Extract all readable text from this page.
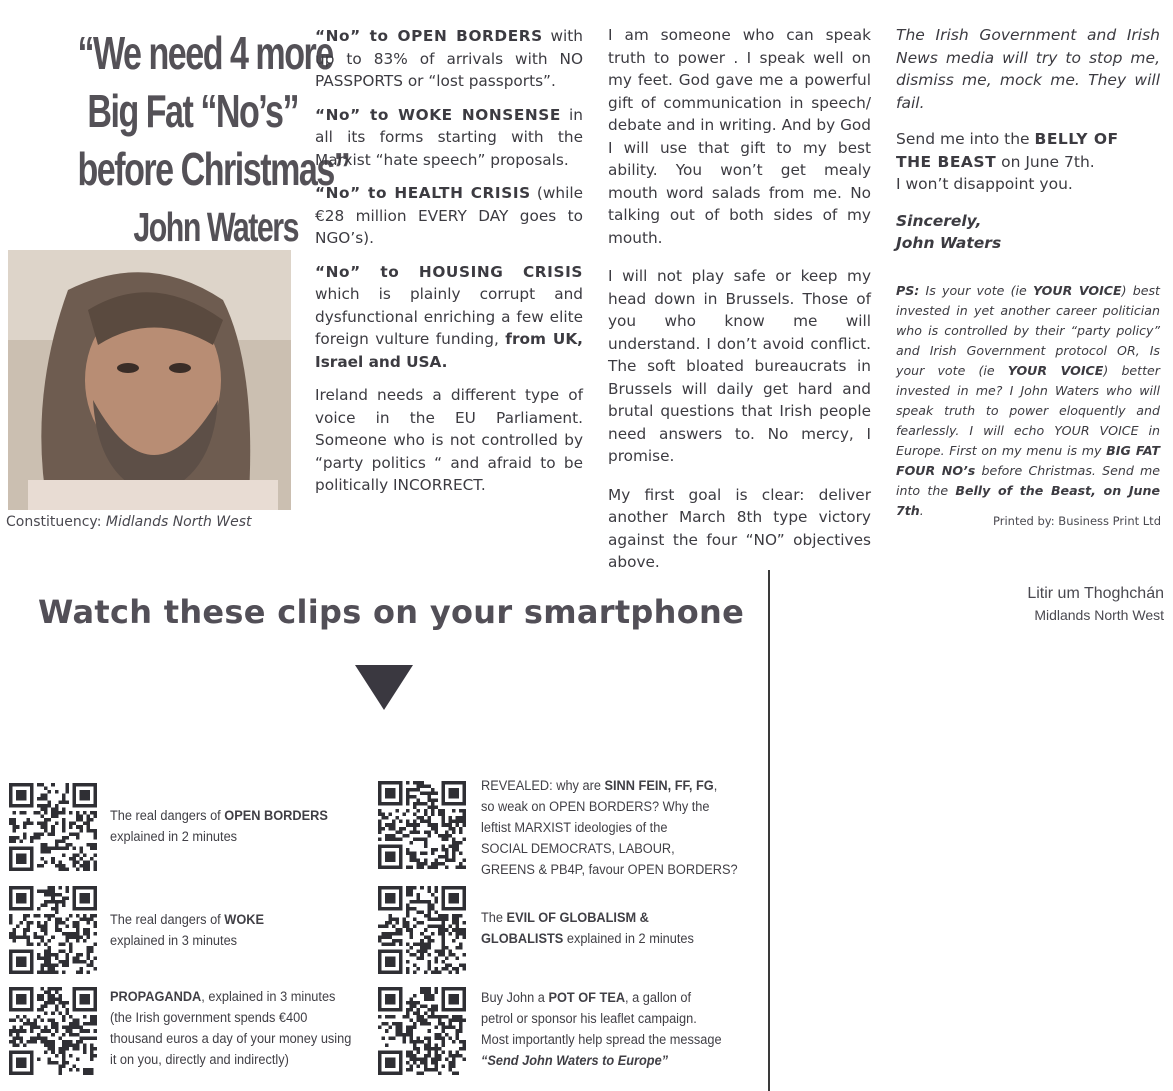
“We need 4 more
Big Fat “No’s”
before Christmas”
John Waters
Constituency: Midlands North West

“No” to OPEN BORDERS with up to 83% of arrivals with NO PASSPORTS or “lost passports”.

“No” to WOKE NONSENSE in all its forms starting with the Marxist “hate speech” proposals.

“No” to HEALTH CRISIS (while €28 million EVERY DAY goes to NGO’s).

“No” to HOUSING CRISIS which is plainly corrupt and dysfunctional enriching a few elite foreign vulture funding, from UK, Israel and USA.

Ireland needs a different type of voice in the EU Parliament. Someone who is not controlled by “party politics “ and afraid to be politically INCORRECT.

I am someone who can speak truth to power . I speak well on my feet. God gave me a powerful gift of communication in speech/ debate and in writing. And by God I will use that gift to my best ability. You won’t get mealy mouth word salads from me. No talking out of both sides of my mouth.

I will not play safe or keep my head down in Brussels. Those of you who know me will understand. I don’t avoid conflict. The soft bloated bureaucrats in Brussels will daily get hard and brutal questions that Irish people need answers to. No mercy, I promise.

My first goal is clear: deliver another March 8th type victory against the four “NO” objectives above.

The Irish Government and Irish News media will try to stop me, dismiss me, mock me. They will fail.

Send me into the BELLY OF THE BEAST on June 7th.
I won’t disappoint you.

Sincerely,
John Waters

PS: Is your vote (ie YOUR VOICE) best invested in yet another career politician who is controlled by their “party policy” and Irish Government protocol OR, Is your vote (ie YOUR VOICE) better invested in me? I John Waters who will speak truth to power eloquently and fearlessly. I will echo YOUR VOICE in Europe. First on my menu is my BIG FAT FOUR NO’s before Christmas. Send me into the Belly of the Beast, on June 7th.

Printed by: Business Print Ltd
Watch these clips on your smartphone	Litir um Thoghchán
Midlands North West
The real dangers of OPEN BORDERS
explained in 2 minutes
The real dangers of WOKE
explained in 3 minutes
PROPAGANDA, explained in 3 minutes
(the Irish government spends €400
thousand euros a day of your money using
it on you, directly and indirectly)
REVEALED: why are SINN FEIN, FF, FG,
so weak on OPEN BORDERS? Why the
leftist MARXIST ideologies of the
SOCIAL DEMOCRATS, LABOUR,
GREENS & PB4P, favour OPEN BORDERS?
The EVIL OF GLOBALISM &
GLOBALISTS explained in 2 minutes
Buy John a POT OF TEA, a gallon of
petrol or sponsor his leaflet campaign.
Most importantly help spread the message
“Send John Waters to Europe”
